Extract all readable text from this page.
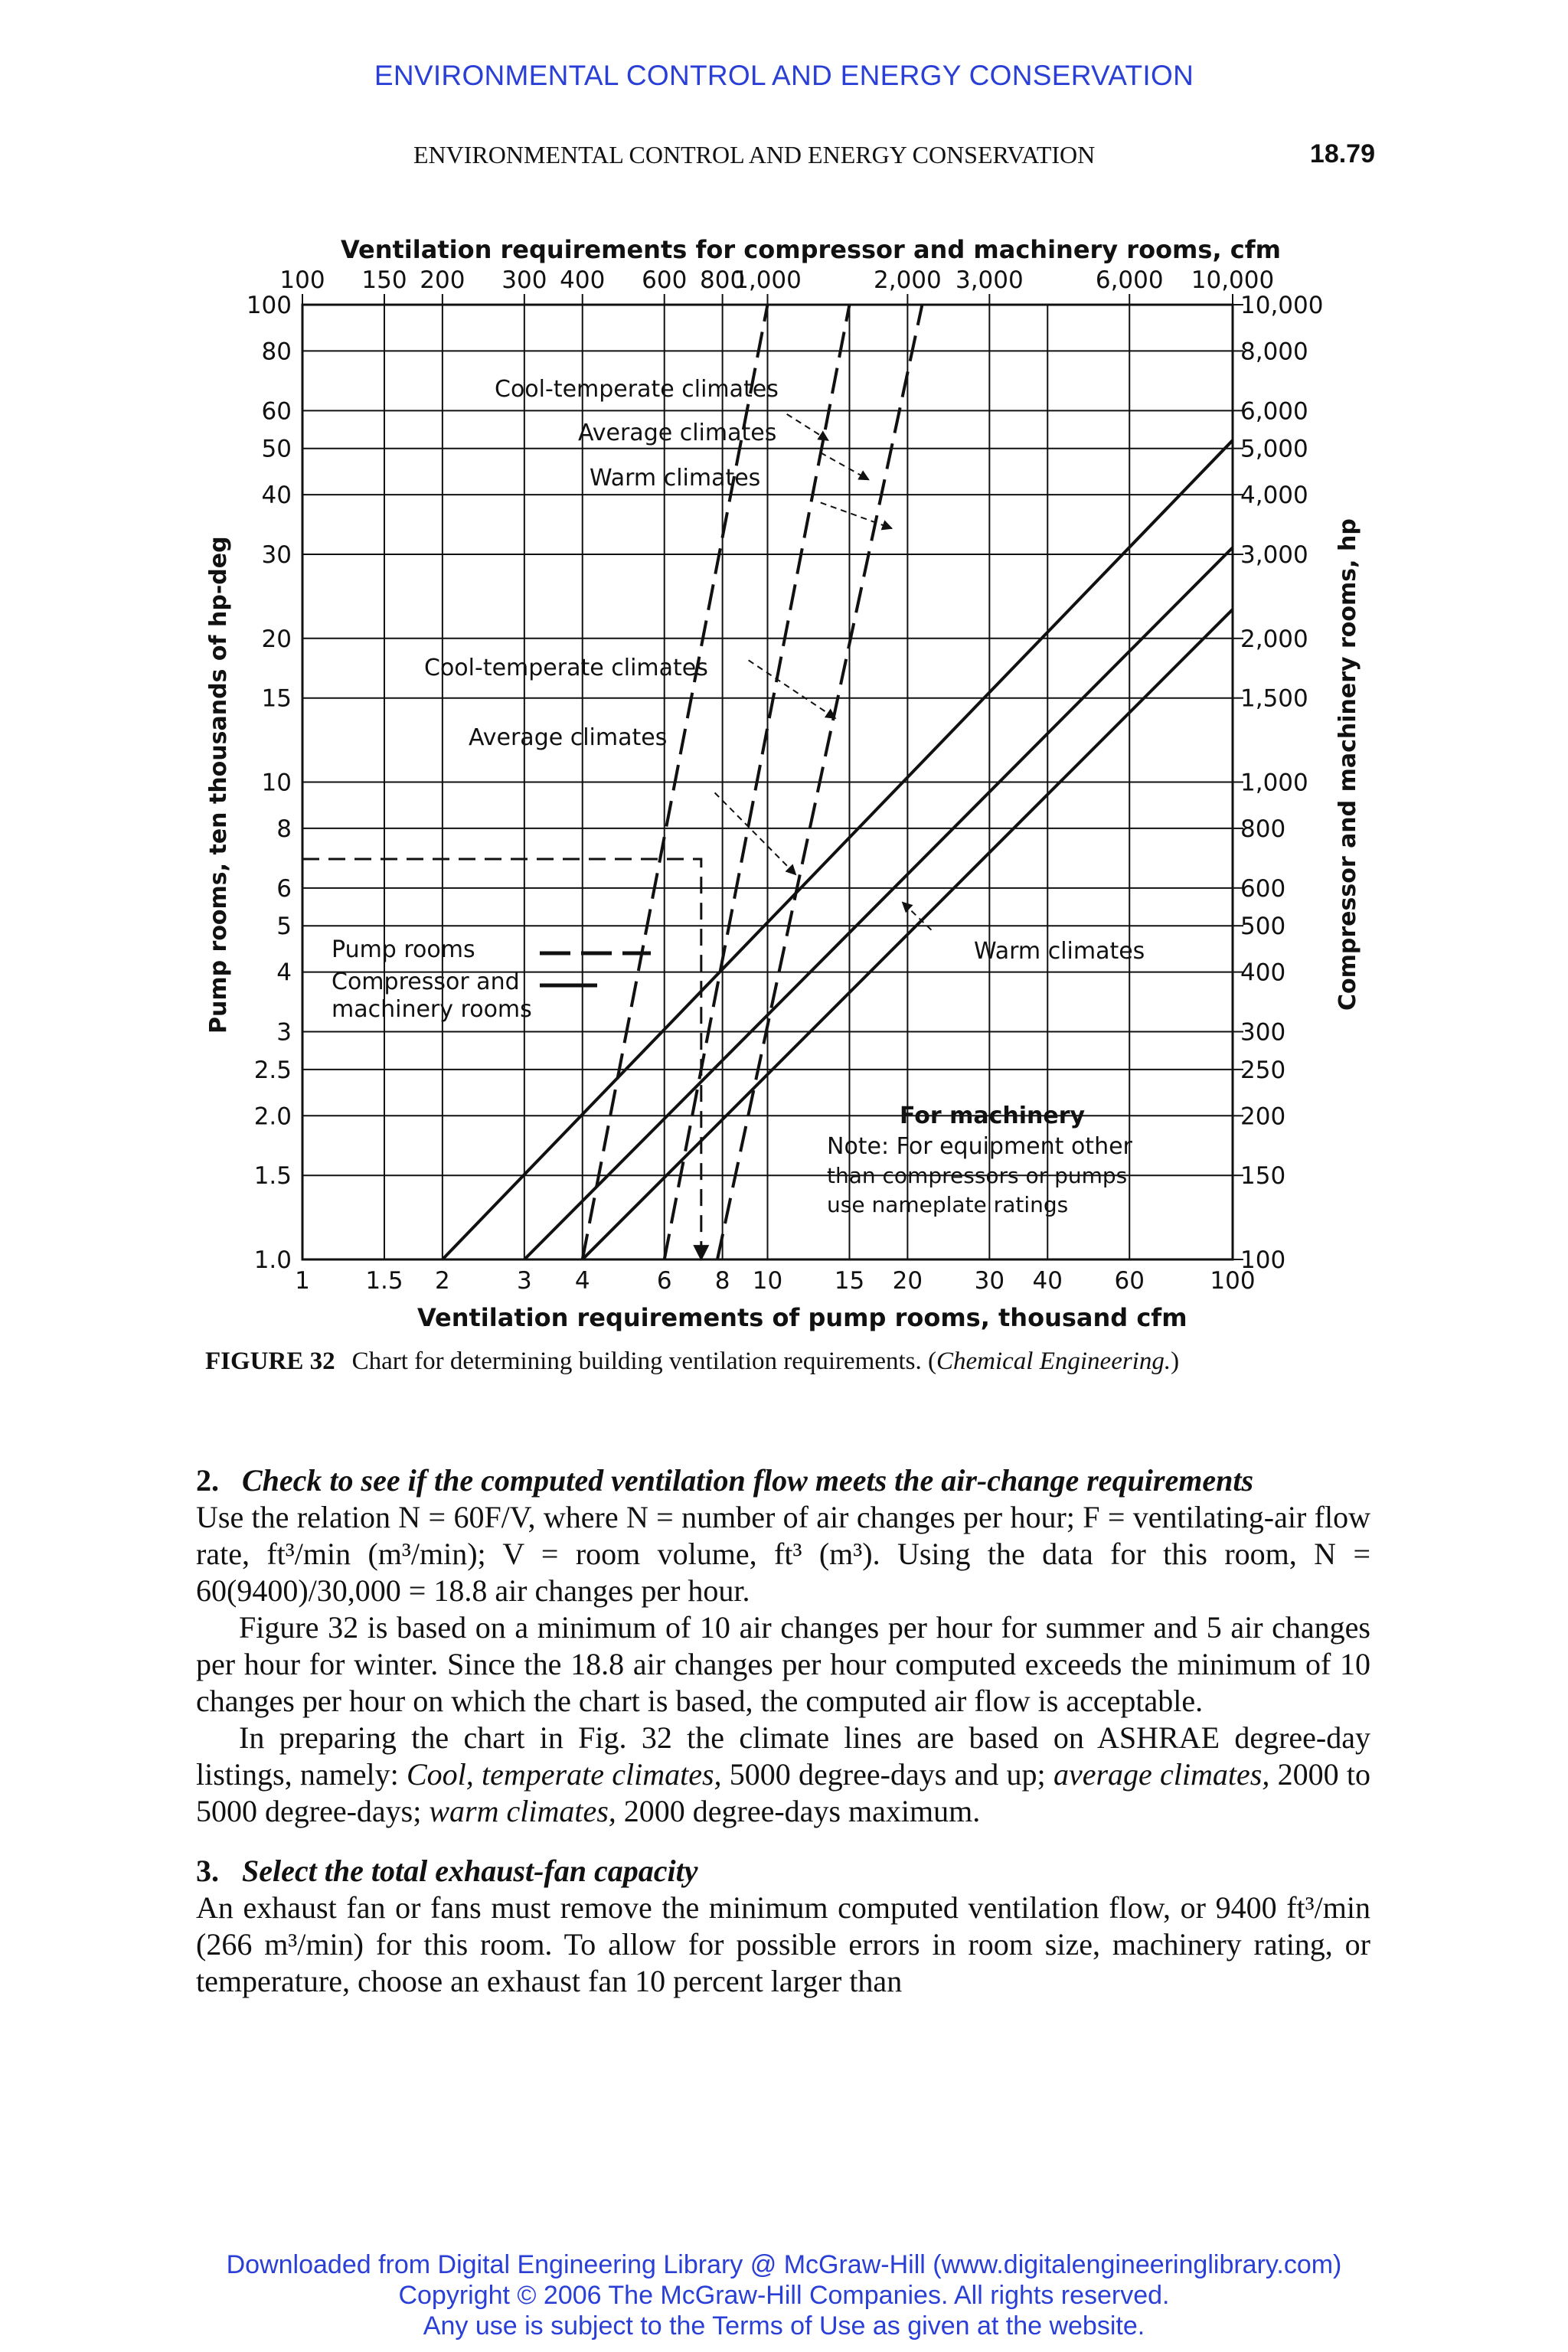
ENVIRONMENTAL CONTROL AND ENERGY CONSERVATION
ENVIRONMENTAL CONTROL AND ENERGY CONSERVATION	18.79
1 1.5 2	3 4	6 8 10 15 20 30 40 60	100
100 150 200 300 400 600 800
1,000	2,000 3,000	6,000 10,000
100
80
60
50
40
30
20
15
10
8
6
5
4
3
2.5
2.0
1.5
1.0
10,000
8,000
6,000
5,000
4,000
3,000
2,000
1,500
1,000
800
600
500
400
300
250
200
150
100
Ventilation requirements for compressor and machinery rooms, cfm
Ventilation requirements of pump rooms, thousand cfm
Pump rooms, ten thousands of hp-deg	Compressor and machinery rooms, hp
Cool-temperate climates
Average climates
Warm climates
Cool-temperate climates
Average climates
Warm climates
Pump rooms
Compressor and
machinery rooms
For machinery
Note: For equipment other
than compressors or pumps
use nameplate ratings
FIGURE 32 Chart for determining building ventilation requirements. (Chemical Engineering.)
2. Check to see if the computed ventilation flow meets the air-change requirements

Use the relation N = 60F/V, where N = number of air changes per hour; F = ventilating-air flow rate, ft³/min (m³/min); V = room volume, ft³ (m³). Using the data for this room, N = 60(9400)/30,000 = 18.8 air changes per hour.

Figure 32 is based on a minimum of 10 air changes per hour for summer and 5 air changes per hour for winter. Since the 18.8 air changes per hour computed exceeds the minimum of 10 changes per hour on which the chart is based, the computed air flow is acceptable.

In preparing the chart in Fig. 32 the climate lines are based on ASHRAE degree-day listings, namely: Cool, temperate climates, 5000 degree-days and up; average climates, 2000 to 5000 degree-days; warm climates, 2000 degree-days maximum.

3. Select the total exhaust-fan capacity

An exhaust fan or fans must remove the minimum computed ventilation flow, or 9400 ft³/min (266 m³/min) for this room. To allow for possible errors in room size, machinery rating, or temperature, choose an exhaust fan 10 percent larger than

Downloaded from Digital Engineering Library @ McGraw-Hill (www.digitalengineeringlibrary.com)
Copyright © 2006 The McGraw-Hill Companies. All rights reserved.
Any use is subject to the Terms of Use as given at the website.
